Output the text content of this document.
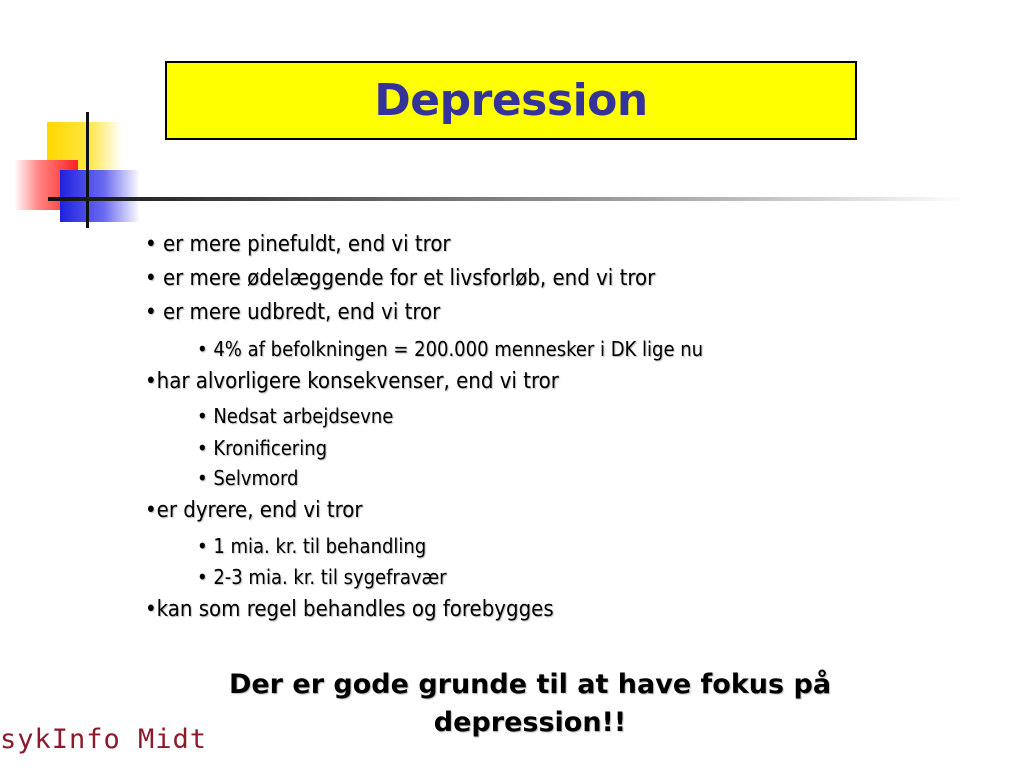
Depression
• er mere pinefuldt, end vi tror
• er mere ødelæggende for et livsforløb, end vi tror
• er mere udbredt, end vi tror
• 4% af befolkningen = 200.000 mennesker i DK lige nu
•har alvorligere konsekvenser, end vi tror
• Nedsat arbejdsevne
• Kronificering
• Selvmord
•er dyrere, end vi tror
• 1 mia. kr. til behandling
• 2-3 mia. kr. til sygefravær
•kan som regel behandles og forebygges
Der er gode grunde til at have fokus på depression!!
sykInfo Midt
